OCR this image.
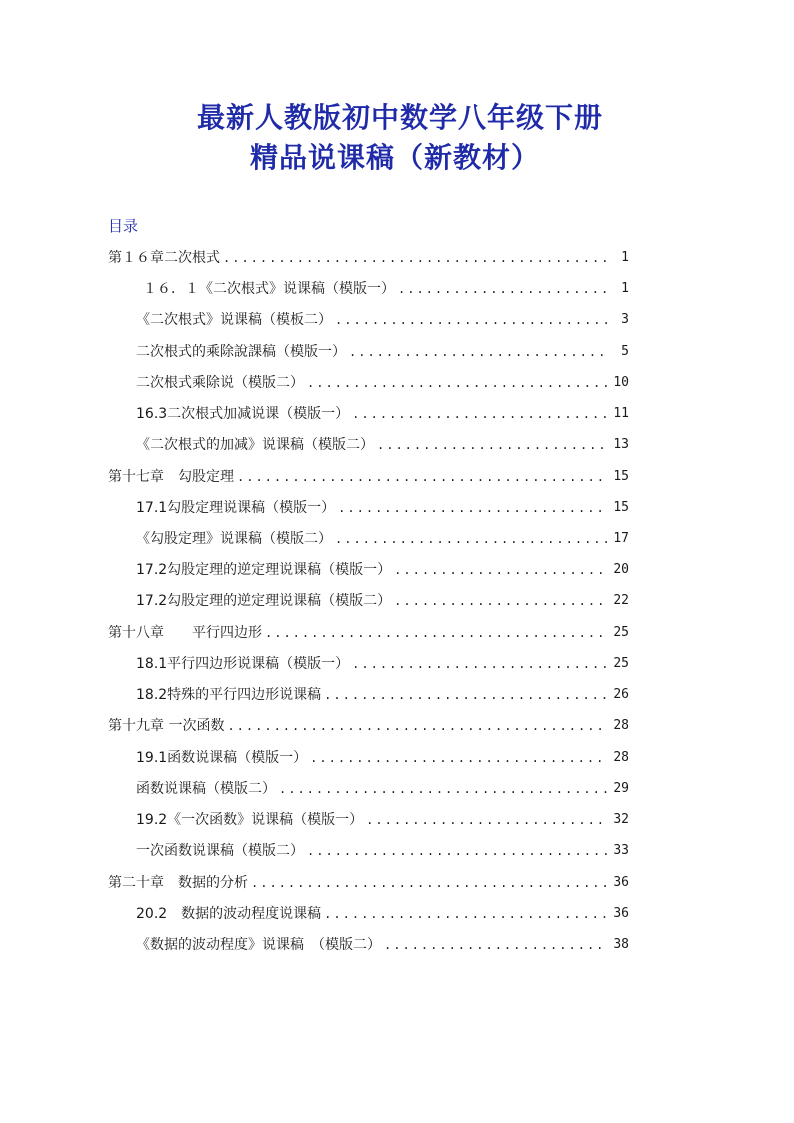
最新人教版初中数学八年级下册
精品说课稿（新教材）
目录
第１６章二次根式 .....	1
１６．１《二次根式》说课稿（模版一） .....	1
《二次根式》说课稿（模板二） .....	3
二次根式的乘除說課稿（模版一） .....	5
二次根式乘除说（模版二） .....	10
16.3二次根式加减说课（模版一） .....	11
《二次根式的加减》说课稿（模版二） .....	13
第十七章　勾股定理 .....	15
17.1勾股定理说课稿（模版一） .....	15
《勾股定理》说课稿（模版二） .....	17
17.2勾股定理的逆定理说课稿（模版一） .....	20
17.2勾股定理的逆定理说课稿（模版二） .....	22
第十八章　　平行四边形 .....	25
18.1平行四边形说课稿（模版一） .....	25
18.2特殊的平行四边形说课稿 .....	26
第十九章 一次函数 .....	28
19.1函数说课稿（模版一） .....	28
函数说课稿（模版二） .....	29
19.2《一次函数》说课稿（模版一） .....	32
一次函数说课稿（模版二） .....	33
第二十章　数据的分析 .....	36
20.2　数据的波动程度说课稿 .....	36
《数据的波动程度》说课稿　（模版二） .....	38
